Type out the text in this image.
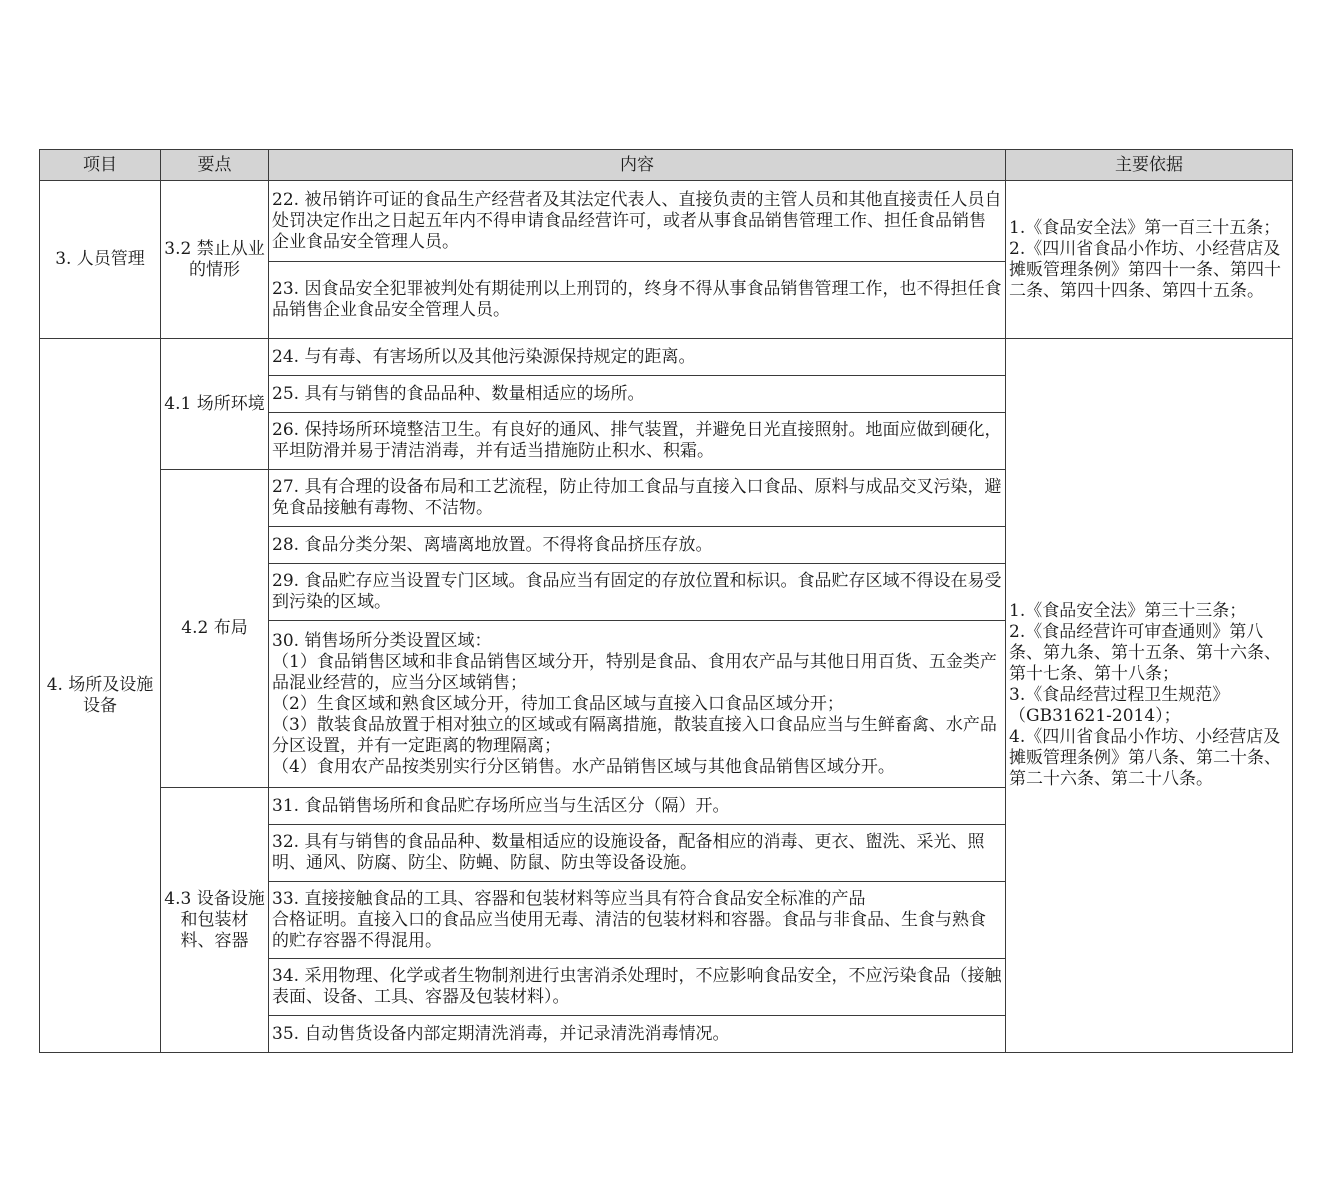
项目	要点	内容	主要依据
3. 人员管理	3.2 禁止从业的情形	22. 被吊销许可证的食品生产经营者及其法定代表人、直接负责的主管人员和其他直接责任人员自处罚决定作出之日起五年内不得申请食品经营许可，或者从事食品销售管理工作、担任食品销售企业食品安全管理人员。	1.《食品安全法》第一百三十五条；
2.《四川省食品小作坊、小经营店及摊贩管理条例》第四十一条、第四十二条、第四十四条、第四十五条。
		23. 因食品安全犯罪被判处有期徒刑以上刑罚的，终身不得从事食品销售管理工作，也不得担任食品销售企业食品安全管理人员。	
4. 场所及设施设备	4.1 场所环境	24. 与有毒、有害场所以及其他污染源保持规定的距离。	1.《食品安全法》第三十三条；
2.《食品经营许可审查通则》第八条、第九条、第十五条、第十六条、第十七条、第十八条；
3.《食品经营过程卫生规范》（GB31621-2014）；
4.《四川省食品小作坊、小经营店及摊贩管理条例》第八条、第二十条、第二十六条、第二十八条。
		25. 具有与销售的食品品种、数量相适应的场所。	
		26. 保持场所环境整洁卫生。有良好的通风、排气装置，并避免日光直接照射。地面应做到硬化，平坦防滑并易于清洁消毒，并有适当措施防止积水、积霜。	
	4.2 布局	27. 具有合理的设备布局和工艺流程，防止待加工食品与直接入口食品、原料与成品交叉污染，避免食品接触有毒物、不洁物。	
		28. 食品分类分架、离墙离地放置。不得将食品挤压存放。	
		29. 食品贮存应当设置专门区域。食品应当有固定的存放位置和标识。食品贮存区域不得设在易受到污染的区域。	
		30. 销售场所分类设置区域：
（1）食品销售区域和非食品销售区域分开，特别是食品、食用农产品与其他日用百货、五金类产品混业经营的，应当分区域销售；
（2）生食区域和熟食区域分开，待加工食品区域与直接入口食品区域分开；
（3）散装食品放置于相对独立的区域或有隔离措施，散装直接入口食品应当与生鲜畜禽、水产品分区设置，并有一定距离的物理隔离；
（4）食用农产品按类别实行分区销售。水产品销售区域与其他食品销售区域分开。	
	4.3 设备设施和包装材料、容器	31. 食品销售场所和食品贮存场所应当与生活区分（隔）开。	
		32. 具有与销售的食品品种、数量相适应的设施设备，配备相应的消毒、更衣、盥洗、采光、照明、通风、防腐、防尘、防蝇、防鼠、防虫等设备设施。	
		33. 直接接触食品的工具、容器和包装材料等应当具有符合食品安全标准的产品
合格证明。直接入口的食品应当使用无毒、清洁的包装材料和容器。食品与非食品、生食与熟食的贮存容器不得混用。	
		34. 采用物理、化学或者生物制剂进行虫害消杀处理时，不应影响食品安全，不应污染食品（接触表面、设备、工具、容器及包装材料）。	
		35. 自动售货设备内部定期清洗消毒，并记录清洗消毒情况。	
